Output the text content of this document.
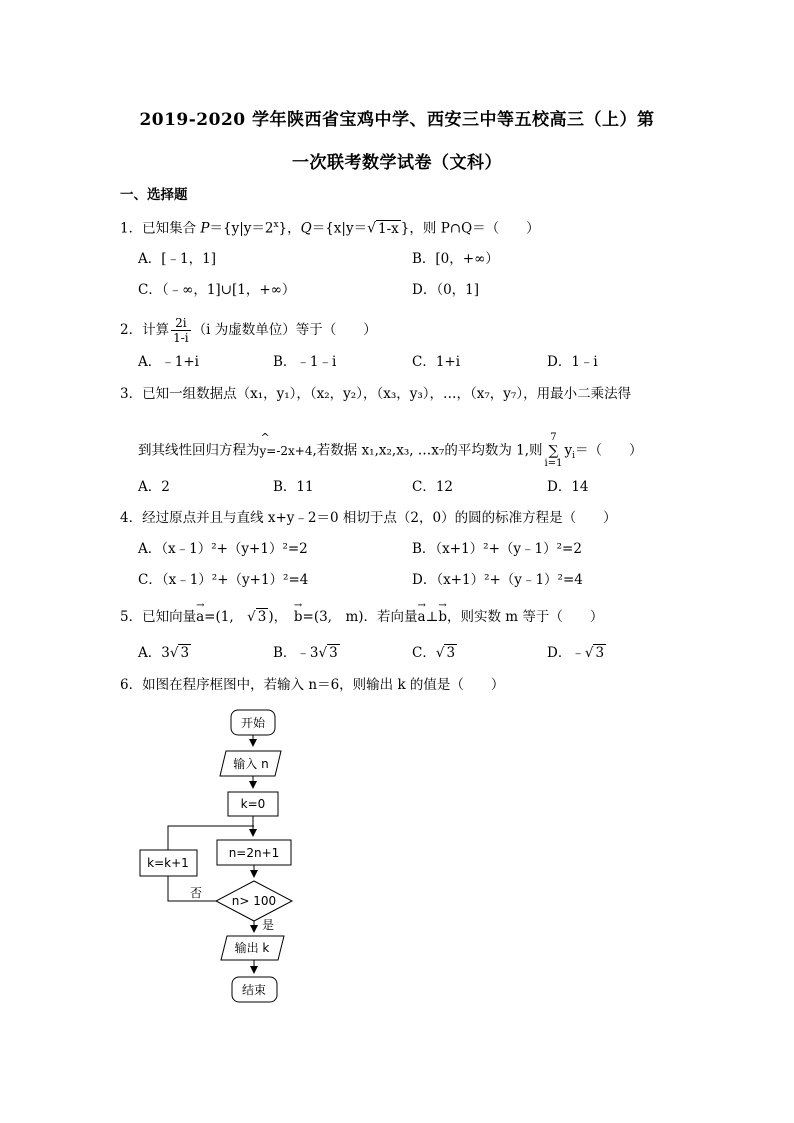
2019-2020 学年陕西省宝鸡中学、西安三中等五校高三（上）第
一次联考数学试卷（文科）
一、选择题
1．已知集合 $P=\{y|y=2^x\}$，Q＝{x|y＝√ 1-x }，则 P∩Q＝（　　）
A．[﹣1，1]	B．[0，+∞）
C．（﹣∞，1]∪[1，+∞）	D．（0，1]
2．计算 $\frac{2i}{1-i} (i$ 为虚数单位）等于（　　）
A．﹣1+i	B．﹣1﹣i	C．1+i	D．1﹣i
3．已知一组数据点（x₁，y₁），（x₂，y₂），（x₃，y₃），…，（x₇，y₇），用最小二乘法得
到其线性回归方程为
^
y=-2x+4,若数据 x₁,x₂,x₃, …x₇的平均数为 1,则
7
∑
i=1
$y_i=$（　　）
A．2	B．11	C．12	D．14
4．经过原点并且与直线 x+y﹣2＝0 相切于点（2，0）的圆的标准方程是（　　）
A．（x﹣1）²+（y+1）²=2	B．（x+1）²+（y﹣1）²=2
C．（x﹣1）²+（y+1）²=4	D．（x+1）²+（y﹣1）²=4
5．已知向量→ a=(1,　√ 3 )，　→ b=(3,　m)．若向量→ a⊥→ b，则实数 m 等于（　　）
A．3√ 3	B．﹣3√ 3	C．√ 3	D．﹣√ 3
6．如图在程序框图中，若输入 n＝6，则输出 k 的值是（　　）
开始
输入 n
k=0
n=2n+1
k=k+1
n> 100
否
是
输出 k
结束
